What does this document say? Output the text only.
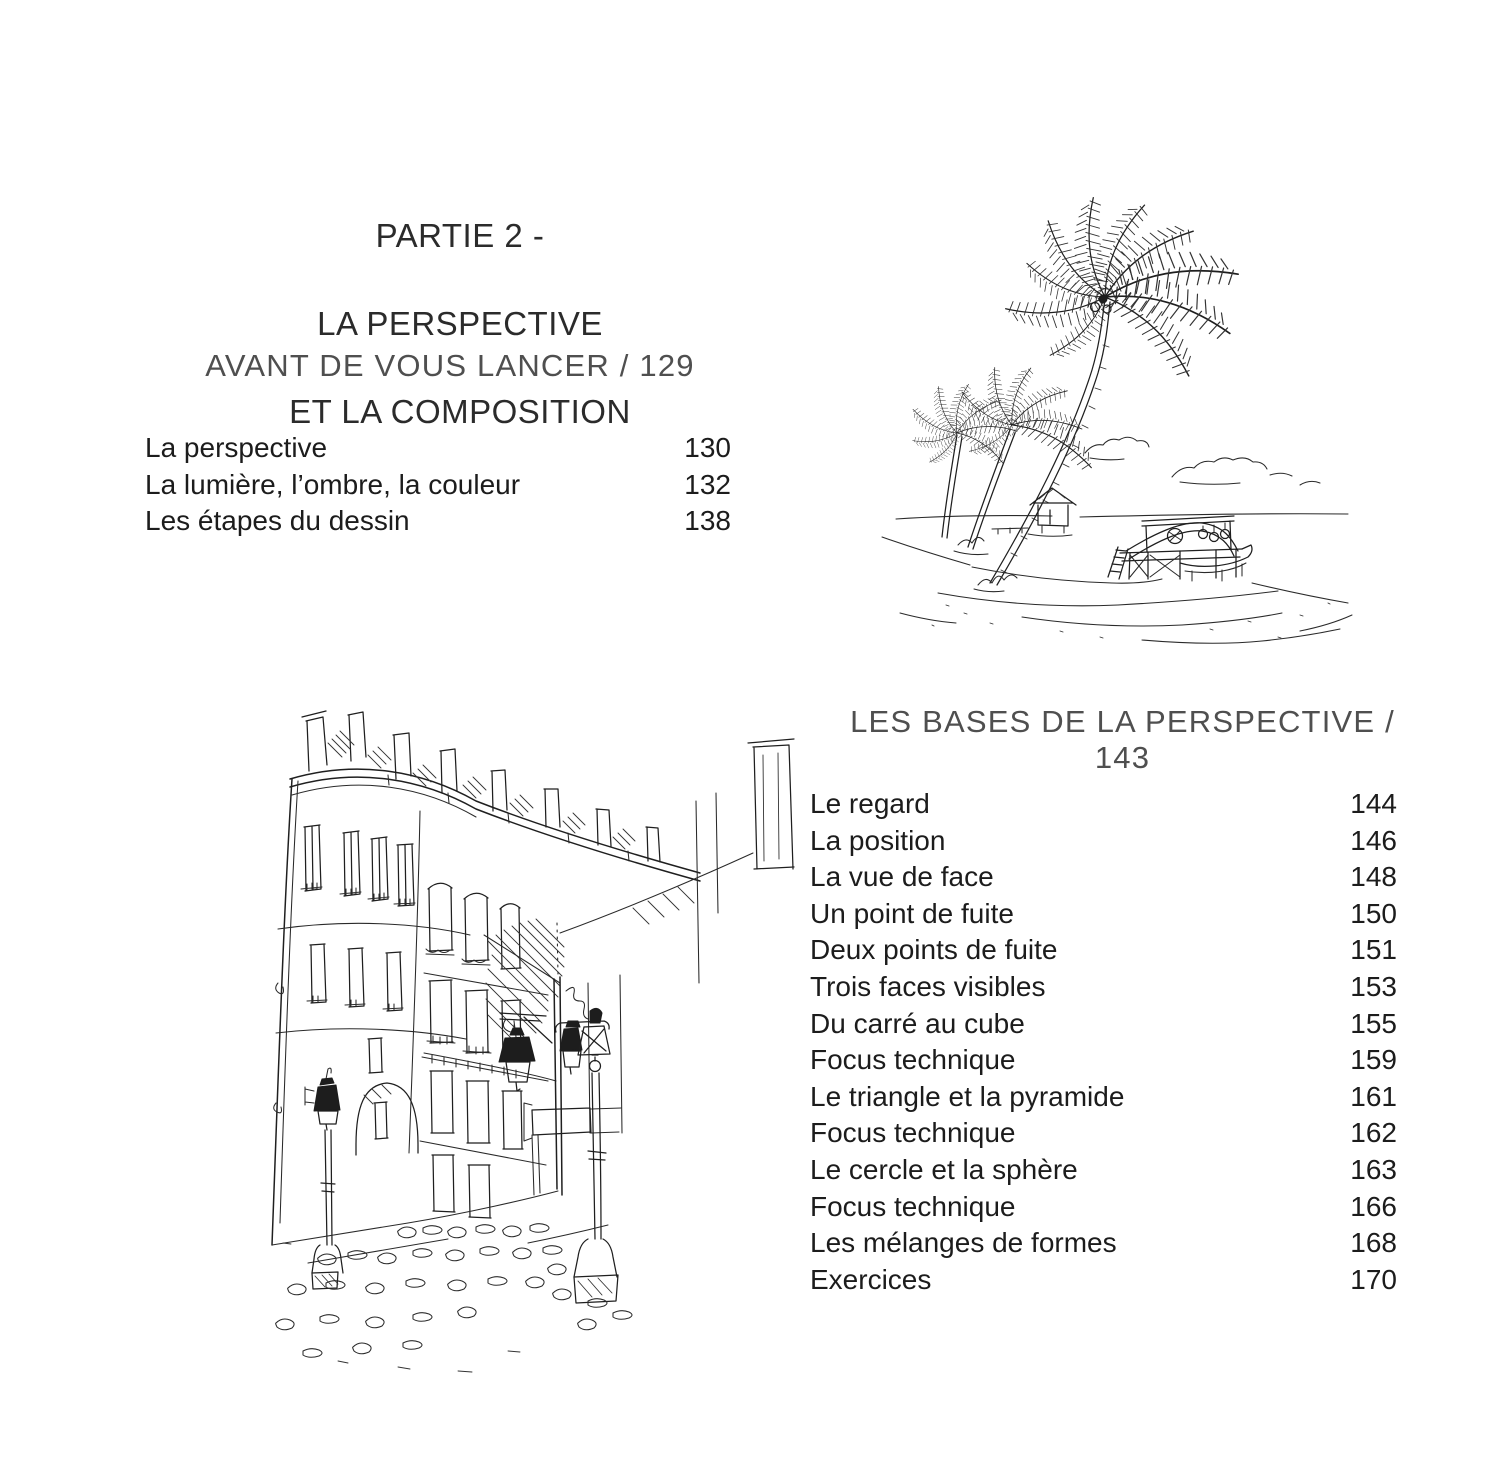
PARTIE 2 -

LA PERSPECTIVE

ET LA COMPOSITION

AVANT DE VOUS LANCER / 129
La perspective	130
La lumière, l’ombre, la couleur	132
Les étapes du dessin	138
LES BASES DE LA PERSPECTIVE / 143
Le regard	144
La position	146
La vue de face	148
Un point de fuite	150
Deux points de fuite	151
Trois faces visibles	153
Du carré au cube	155
Focus technique	159
Le triangle et la pyramide	161
Focus technique	162
Le cercle et la sphère	163
Focus technique	166
Les mélanges de formes	168
Exercices	170
